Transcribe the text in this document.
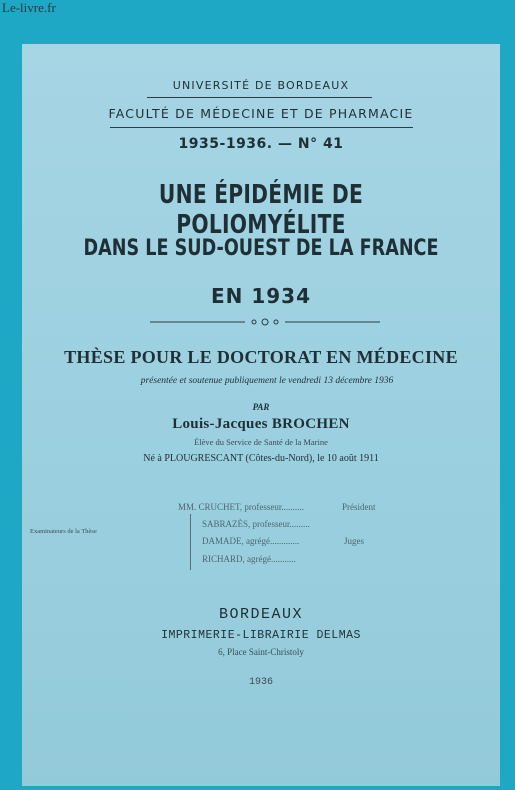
Le-livre.fr
UNIVERSITÉ DE BORDEAUX
FACULTÉ DE MÉDECINE ET DE PHARMACIE
1935-1936. — N° 41
UNE ÉPIDÉMIE DE POLIOMYÉLITE
DANS LE SUD-OUEST DE LA FRANCE
EN 1934
THÈSE POUR LE DOCTORAT EN MÉDECINE
présentée et soutenue publiquement le vendredi 13 décembre 1936
PAR
Louis-Jacques BROCHEN
Élève du Service de Santé de la Marine
Né à PLOUGRESCANT (Côtes-du-Nord), le 10 août 1911
Examinateurs de la Thèse
MM. CRUCHET, professeur..........
SABRAZÈS, professeur.........
DAMADE, agrégé.............
RICHARD, agrégé...........
Président
Juges
BORDEAUX
IMPRIMERIE-LIBRAIRIE DELMAS
6, Place Saint-Christoly
1936
